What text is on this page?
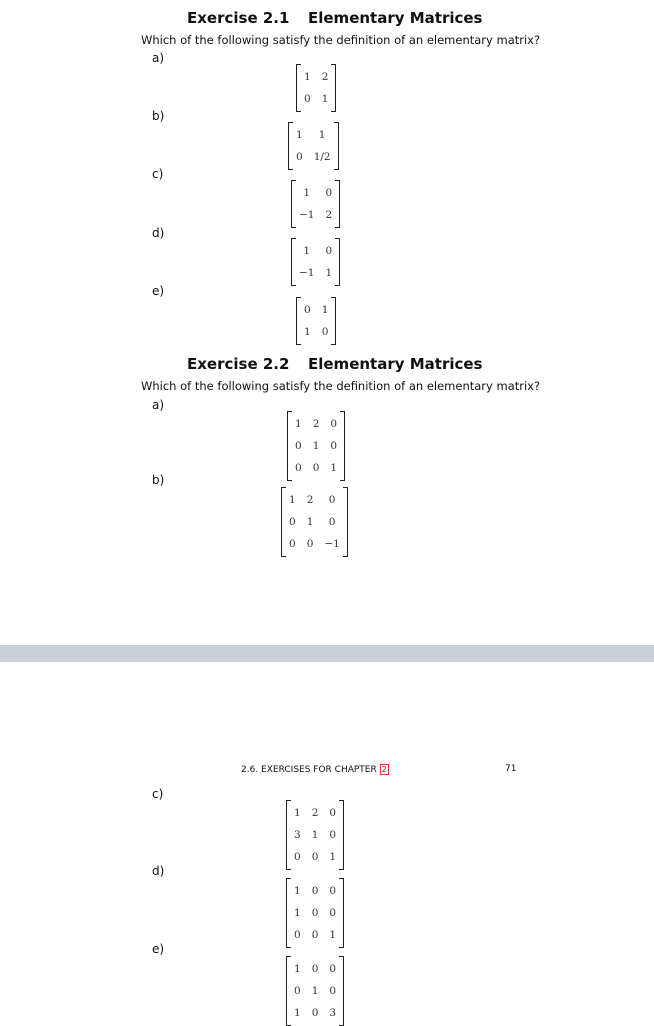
Exercise 2.1 Elementary Matrices
Which of the following satisfy the definition of an elementary matrix?
a)
1 2
0 1
b)
1	1
0 1/2
c)
1	0
−1 2
d)
1	0
−1 1
e)
0 1
1 0
Exercise 2.2 Elementary Matrices
Which of the following satisfy the definition of an elementary matrix?
a)
1 2 0
0 1 0
0 0 1
b)
1 2	0
0 1	0
0 0 −1
2.6. EXERCISES FOR CHAPTER 2	71
c)
1 2 0
3 1 0
0 0 1
d)
1 0 0
1 0 0
0 0 1
e)
1 0 0
0 1 0
1 0 3
